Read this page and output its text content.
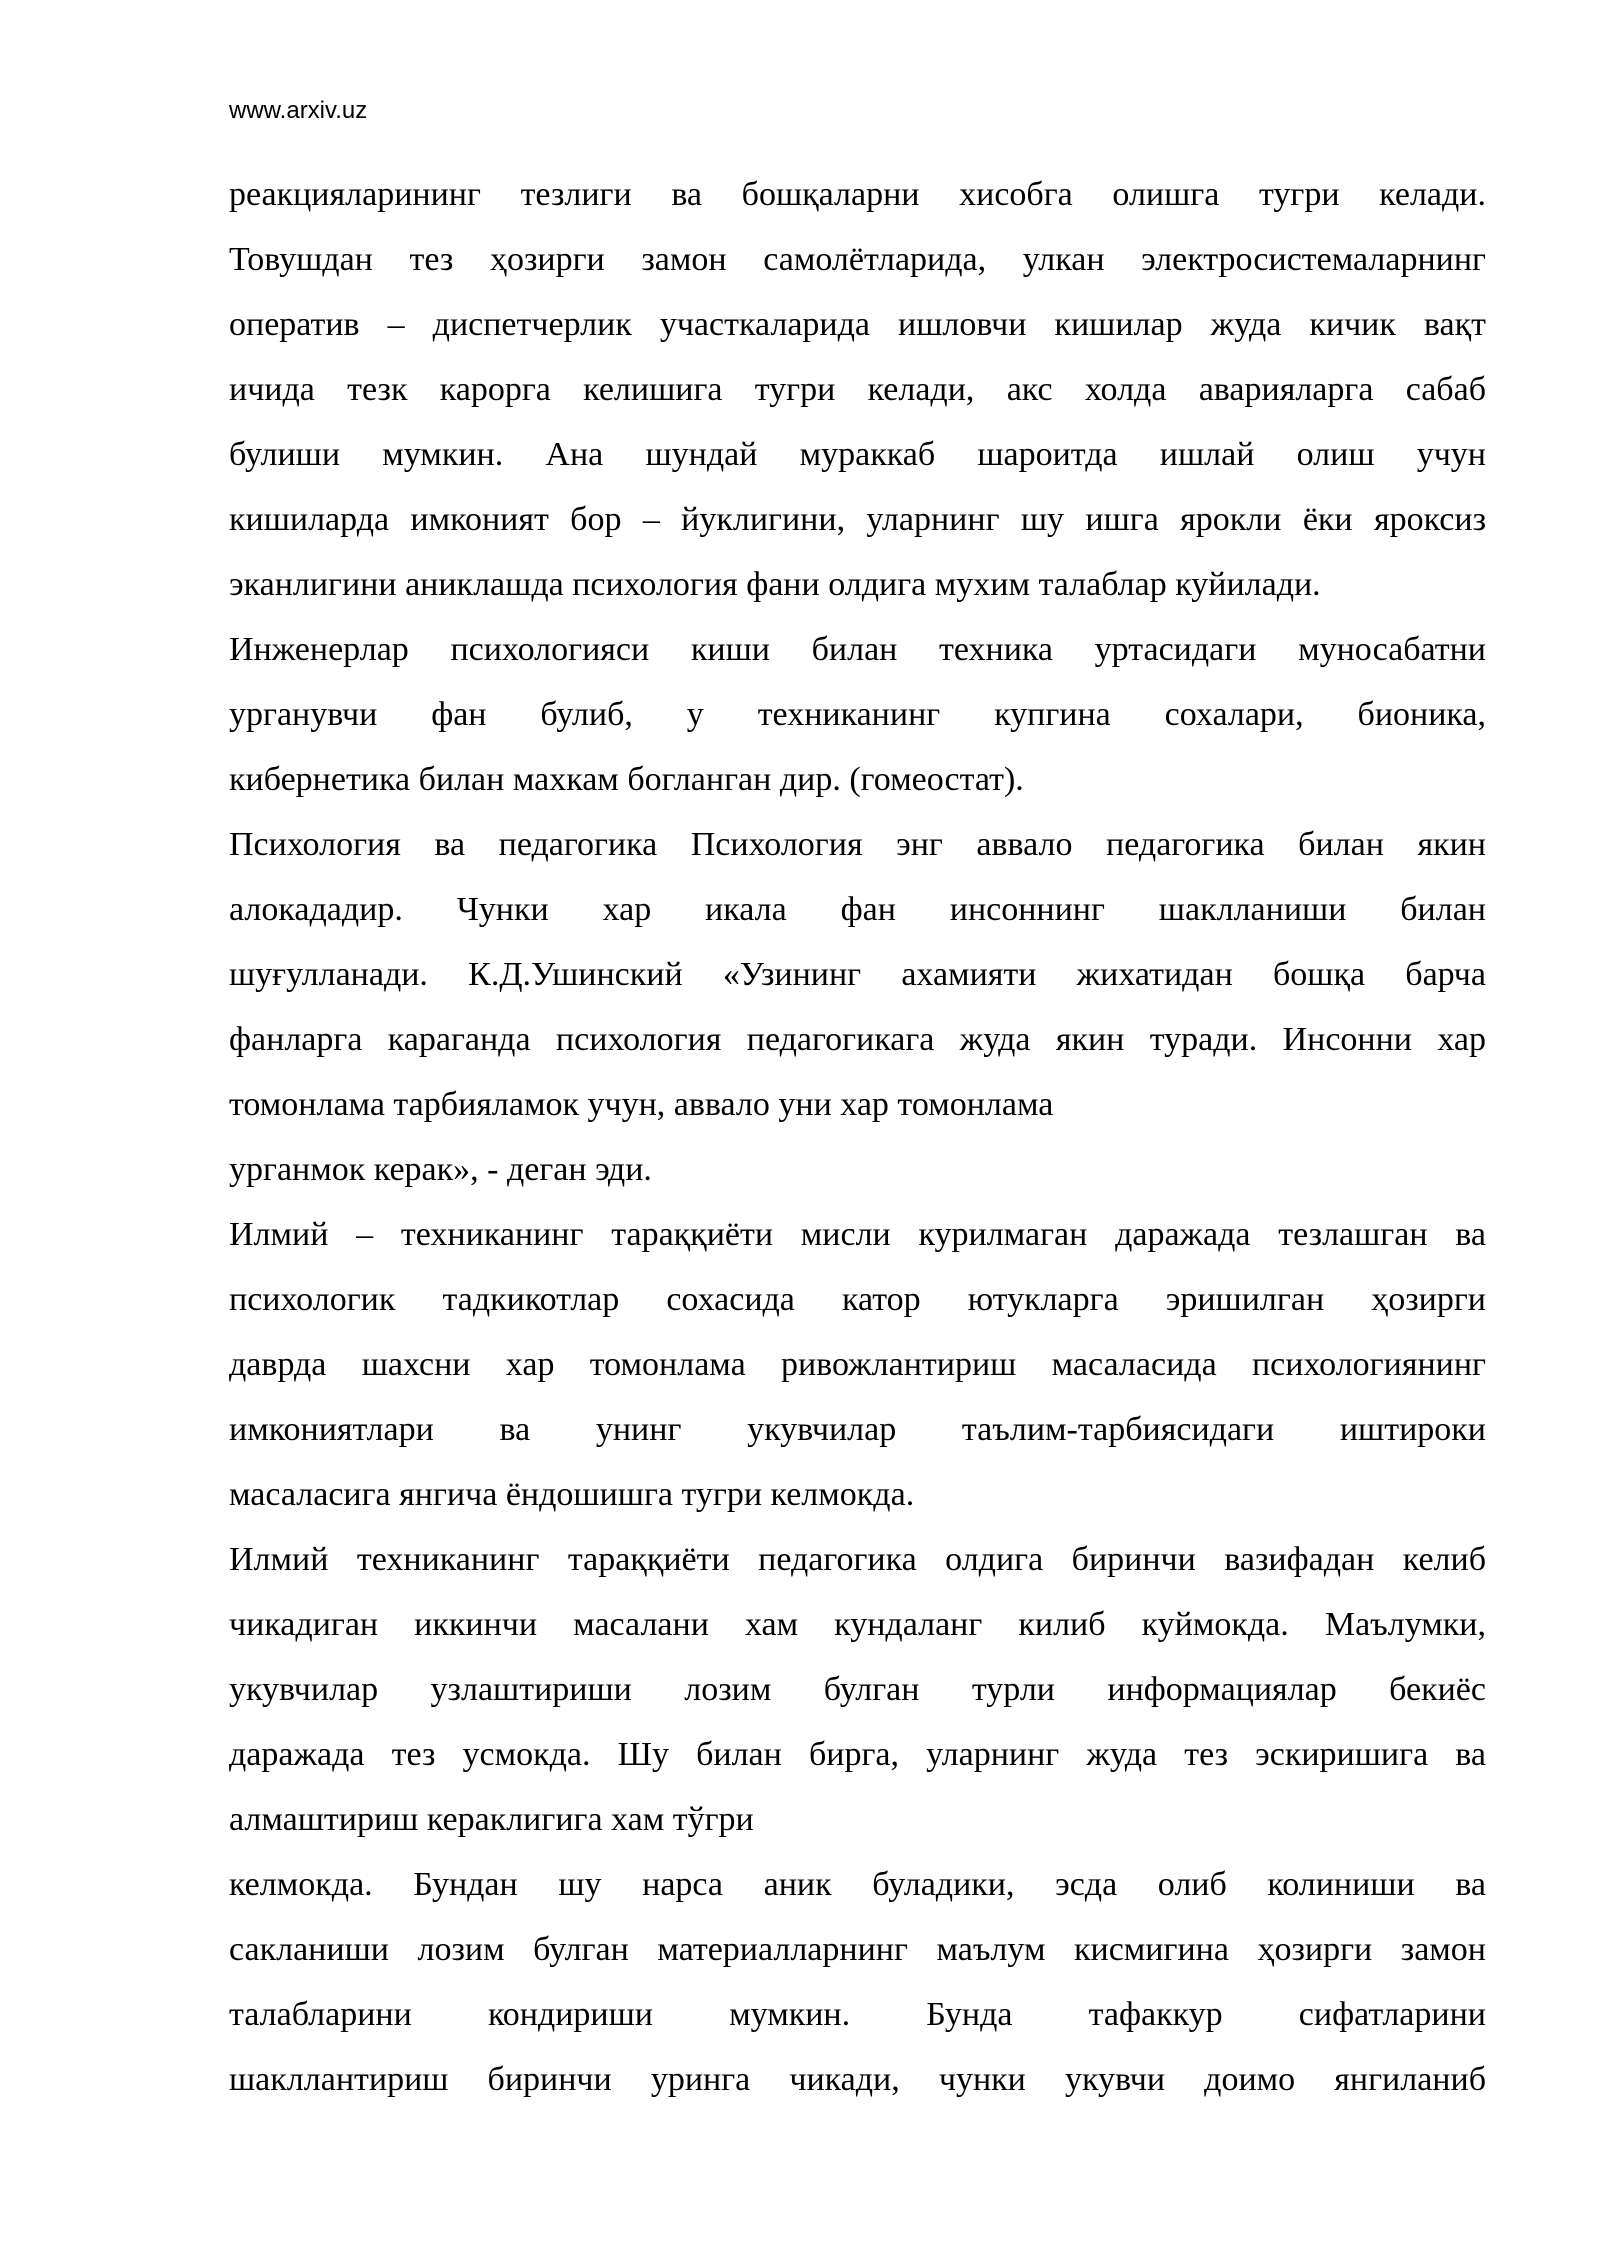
www.arxiv.uz
реакцияларининг тезлиги ва бошқаларни хисобга олишга тугри келади.
Товушдан тез ҳозирги замон самолётларида, улкан электросистемаларнинг
оператив – диспетчерлик участкаларида ишловчи кишилар жуда кичик вақт
ичида тезк карорга келишига тугри келади, акс холда аварияларга сабаб
булиши мумкин. Ана шундай мураккаб шароитда ишлай олиш учун
кишиларда имконият бор – йуклигини, уларнинг шу ишга ярокли ёки яроксиз
эканлигини аниклашда психология фани олдига мухим талаблар куйилади.
Инженерлар психологияси киши билан техника уртасидаги муносабатни
урганувчи фан булиб, у техниканинг купгина сохалари, бионика,
кибернетика билан махкам богланган дир. (гомеостат).
Психология ва педагогика Психология энг аввало педагогика билан якин
алокададир. Чунки хар икала фан инсоннинг шаклланиши билан
шуғулланади. К.Д.Ушинский «Узининг ахамияти жихатидан бошқа барча
фанларга караганда психология педагогикага жуда якин туради. Инсонни хар
томонлама тарбияламок учун, аввало уни хар томонлама
урганмок керак», - деган эди.
Илмий – техниканинг тараққиёти мисли курилмаган даражада тезлашган ва
психологик тадкикотлар сохасида катор ютукларга эришилган ҳозирги
даврда шахсни хар томонлама ривожлантириш масаласида психологиянинг
имкониятлари ва унинг укувчилар таълим-тарбиясидаги иштироки
масаласига янгича ёндошишга тугри келмокда.
Илмий техниканинг тараққиёти педагогика олдига биринчи вазифадан келиб
чикадиган иккинчи масалани хам кундаланг килиб куймокда. Маълумки,
укувчилар узлаштириши лозим булган турли информациялар бекиёс
даражада тез усмокда. Шу билан бирга, уларнинг жуда тез эскиришига ва
алмаштириш кераклигига хам тўгри
келмокда. Бундан шу нарса аник буладики, эсда олиб колиниши ва
сакланиши лозим булган материалларнинг маълум кисмигина ҳозирги замон
талабларини кондириши мумкин. Бунда тафаккур сифатларини
шакллантириш биринчи уринга чикади, чунки укувчи доимо янгиланиб
